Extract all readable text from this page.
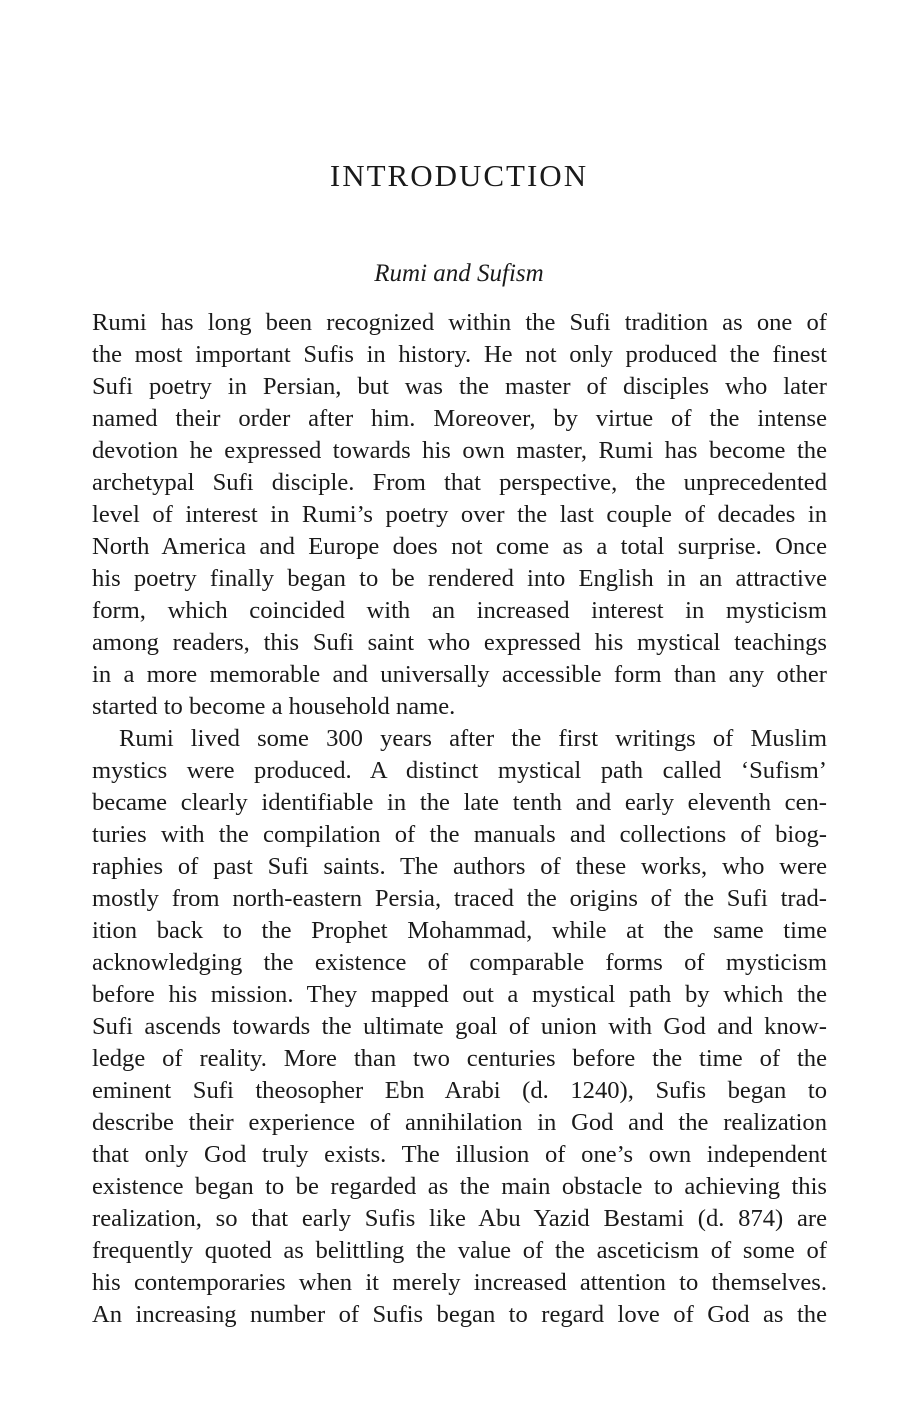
INTRODUCTION
Rumi and Sufism
Rumi has long been recognized within the Sufi tradition as one of
the most important Sufis in history. He not only produced the finest
Sufi poetry in Persian, but was the master of disciples who later
named their order after him. Moreover, by virtue of the intense
devotion he expressed towards his own master, Rumi has become the
archetypal Sufi disciple. From that perspective, the unprecedented
level of interest in Rumi’s poetry over the last couple of decades in
North America and Europe does not come as a total surprise. Once
his poetry finally began to be rendered into English in an attractive
form, which coincided with an increased interest in mysticism
among readers, this Sufi saint who expressed his mystical teachings
in a more memorable and universally accessible form than any other
started to become a household name.
Rumi lived some 300 years after the first writings of Muslim
mystics were produced. A distinct mystical path called ‘Sufism’
became clearly identifiable in the late tenth and early eleventh cen-
turies with the compilation of the manuals and collections of biog-
raphies of past Sufi saints. The authors of these works, who were
mostly from north-eastern Persia, traced the origins of the Sufi trad-
ition back to the Prophet Mohammad, while at the same time
acknowledging the existence of comparable forms of mysticism
before his mission. They mapped out a mystical path by which the
Sufi ascends towards the ultimate goal of union with God and know-
ledge of reality. More than two centuries before the time of the
eminent Sufi theosopher Ebn Arabi (d. 1240), Sufis began to
describe their experience of annihilation in God and the realization
that only God truly exists. The illusion of one’s own independent
existence began to be regarded as the main obstacle to achieving this
realization, so that early Sufis like Abu Yazid Bestami (d. 874) are
frequently quoted as belittling the value of the asceticism of some of
his contemporaries when it merely increased attention to themselves.
An increasing number of Sufis began to regard love of God as the
